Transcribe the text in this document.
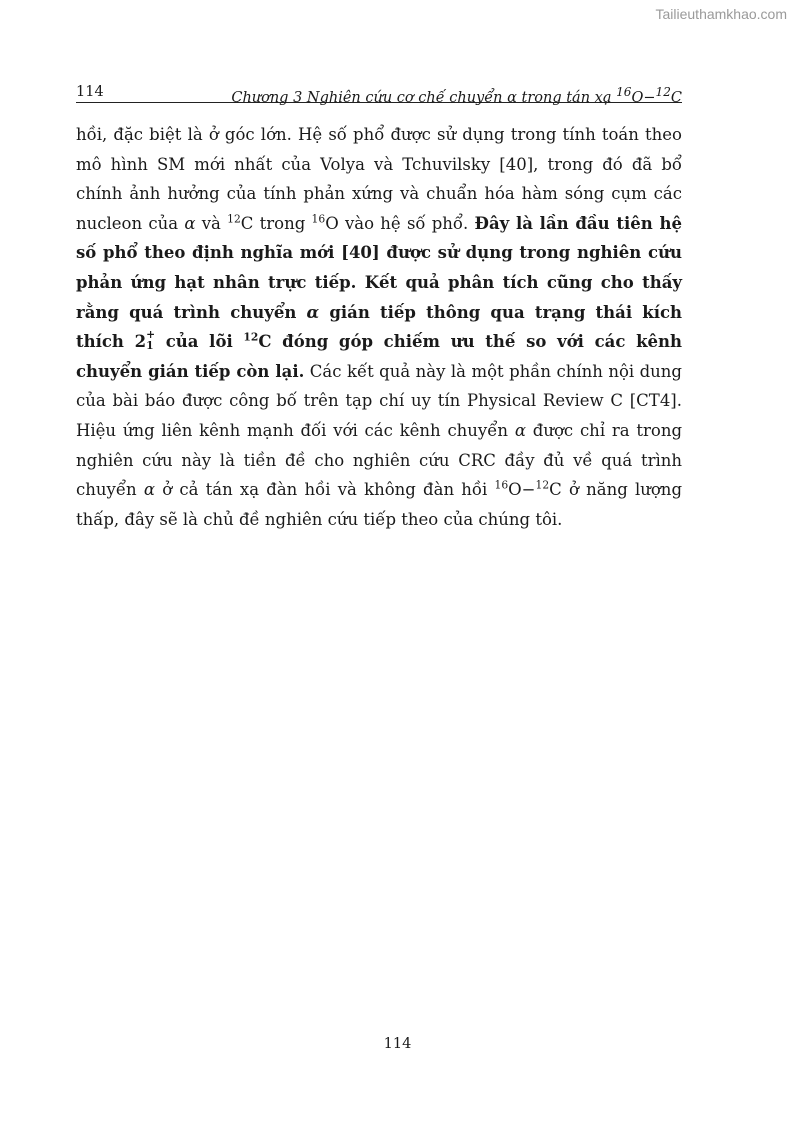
Tailieuthamkhao.com
114	Chương 3 Nghiên cứu cơ chế chuyển α trong tán xạ $^{16}$O−$^{12}$C
hồi, đặc biệt là ở góc lớn. Hệ số phổ được sử dụng trong tính toán theo mô hình SM mới nhất của Volya và Tchuvilsky [40], trong đó đã bổ chính ảnh hưởng của tính phản xứng và chuẩn hóa hàm sóng cụm các nucleon của α và $^{12}$C trong $^{16}$O vào hệ số phổ. Đây là lần đầu tiên hệ số phổ theo định nghĩa mới [40] được sử dụng trong nghiên cứu phản ứng hạt nhân trực tiếp. Kết quả phân tích cũng cho thấy rằng quá trình chuyển α gián tiếp thông qua trạng thái kích thích 2 +
1 của lõi $^{12}$C đóng góp chiếm ưu thế so với các kênh chuyển gián tiếp còn lại. Các kết quả này là một phần chính nội dung của bài báo được công bố trên tạp chí uy tín Physical Review C [CT4]. Hiệu ứng liên kênh mạnh đối với các kênh chuyển α được chỉ ra trong nghiên cứu này là tiền đề cho nghiên cứu CRC đầy đủ về quá trình chuyển α ở cả tán xạ đàn hồi và không đàn hồi $^{16}$O−$^{12}$C ở năng lượng thấp, đây sẽ là chủ đề nghiên cứu tiếp theo của chúng tôi.
114
